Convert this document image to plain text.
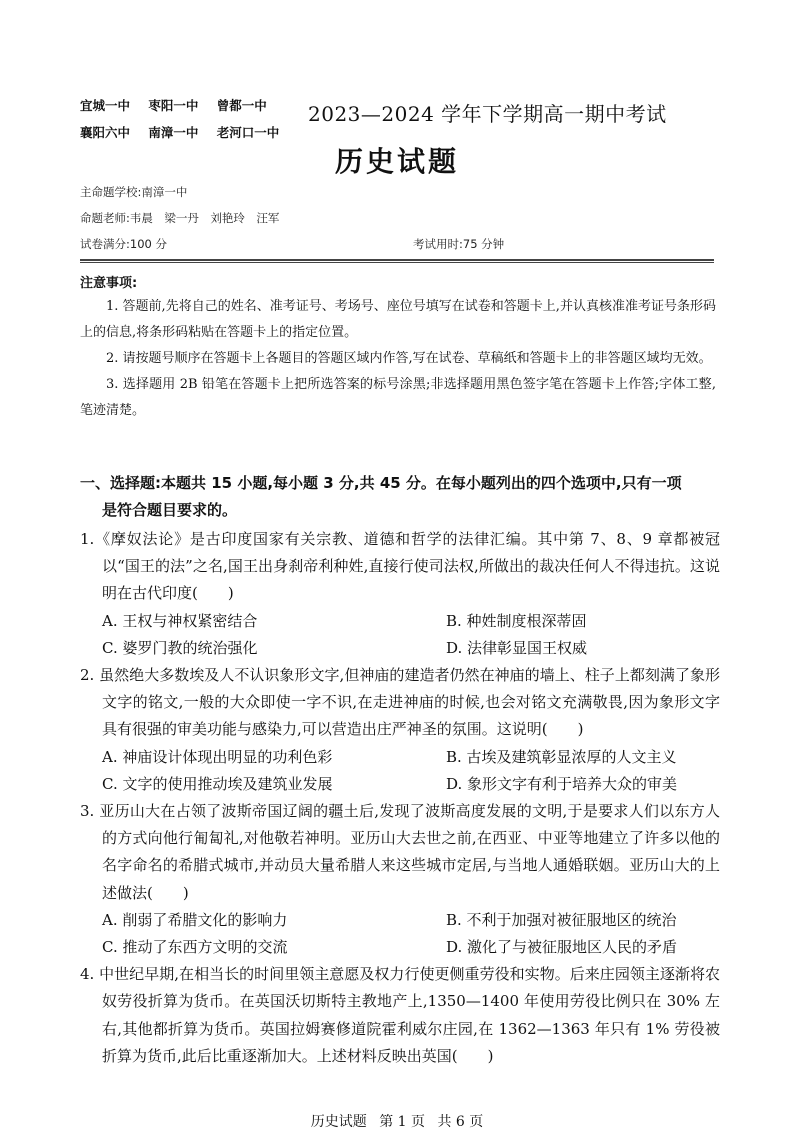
宜城一中 枣阳一中 曾都一中
襄阳六中 南漳一中 老河口一中
2023—2024 学年下学期高一期中考试
历史试题
主命题学校:南漳一中
命题老师:韦晨　梁一丹　刘艳玲　汪军
试卷满分:100 分	考试用时:75 分钟
注意事项:

1. 答题前,先将自己的姓名、准考证号、考场号、座位号填写在试卷和答题卡上,并认真核准准考证号条形码上的信息,将条形码粘贴在答题卡上的指定位置。

2. 请按题号顺序在答题卡上各题目的答题区域内作答,写在试卷、草稿纸和答题卡上的非答题区域均无效。

3. 选择题用 2B 铅笔在答题卡上把所选答案的标号涂黑;非选择题用黑色签字笔在答题卡上作答;字体工整,笔迹清楚。

一、选择题:本题共 15 小题,每小题 3 分,共 45 分。在每小题列出的四个选项中,只有一项
是符合题目要求的。

1.《摩奴法论》是古印度国家有关宗教、道德和哲学的法律汇编。其中第 7、8、9 章都被冠以“国王的法”之名,国王出身刹帝利种姓,直接行使司法权,所做出的裁决任何人不得违抗。这说明在古代印度(　　)

A. 王权与神权紧密结合	B. 种姓制度根深蒂固
C. 婆罗门教的统治强化	D. 法律彰显国王权威

2. 虽然绝大多数埃及人不认识象形文字,但神庙的建造者仍然在神庙的墙上、柱子上都刻满了象形文字的铭文,一般的大众即使一字不识,在走进神庙的时候,也会对铭文充满敬畏,因为象形文字具有很强的审美功能与感染力,可以营造出庄严神圣的氛围。这说明(　　)

A. 神庙设计体现出明显的功利色彩	B. 古埃及建筑彰显浓厚的人文主义
C. 文字的使用推动埃及建筑业发展	D. 象形文字有利于培养大众的审美

3. 亚历山大在占领了波斯帝国辽阔的疆土后,发现了波斯高度发展的文明,于是要求人们以东方人的方式向他行匍匐礼,对他敬若神明。亚历山大去世之前,在西亚、中亚等地建立了许多以他的名字命名的希腊式城市,并动员大量希腊人来这些城市定居,与当地人通婚联姻。亚历山大的上述做法(　　)

A. 削弱了希腊文化的影响力	B. 不利于加强对被征服地区的统治
C. 推动了东西方文明的交流	D. 激化了与被征服地区人民的矛盾

4. 中世纪早期,在相当长的时间里领主意愿及权力行使更侧重劳役和实物。后来庄园领主逐渐将农奴劳役折算为货币。在英国沃切斯特主教地产上,1350—1400 年使用劳役比例只在 30% 左右,其他都折算为货币。英国拉姆赛修道院霍利威尔庄园,在 1362—1363 年只有 1% 劳役被折算为货币,此后比重逐渐加大。上述材料反映出英国(　　)

历史试题 第 1 页 共 6 页
